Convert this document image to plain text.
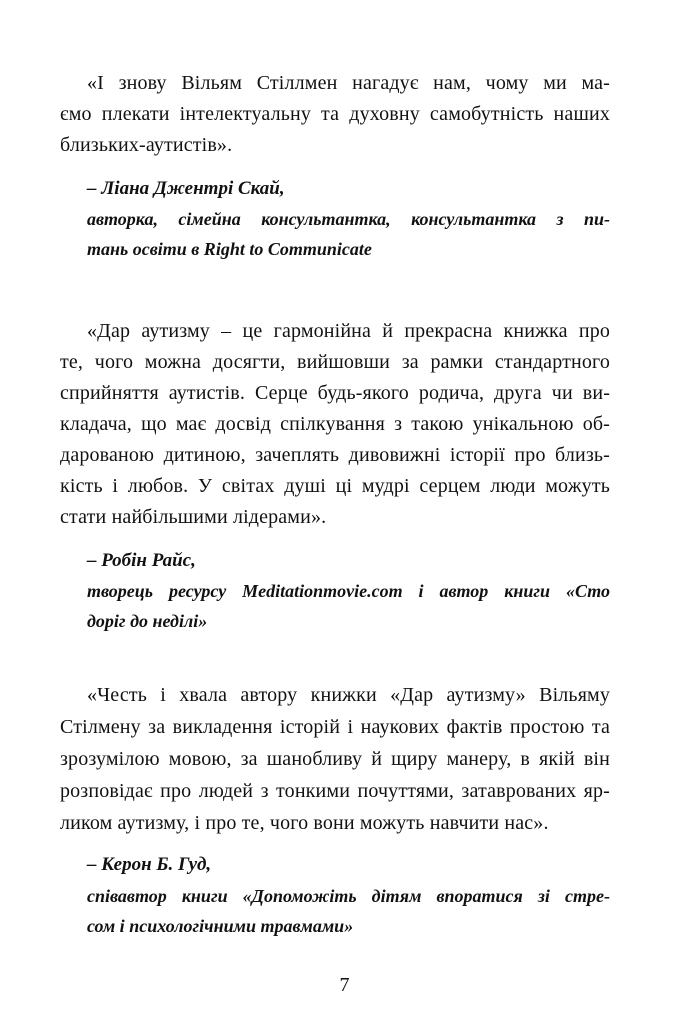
«І знову Вільям Стіллмен нагадує нам, чому ми ма-
ємо плекати інтелектуальну та духовну самобутність наших
близьких-аутистів».
– Ліана Джентрі Скай,
авторка, сімейна консультантка, консультантка з пи-
тань освіти в Right to Communicate
«Дар аутизму – це гармонійна й прекрасна книжка про
те, чого можна досягти, вийшовши за рамки стандартного
сприйняття аутистів. Серце будь-якого родича, друга чи ви-
кладача, що має досвід спілкування з такою унікальною об-
дарованою дитиною, зачеплять дивовижні історії про близь-
кість і любов. У світах душі ці мудрі серцем люди можуть
стати найбільшими лідерами».
– Робін Райс,
творець ресурсу Meditationmovie.com і автор книги «Сто
доріг до неділі»
«Честь і хвала автору книжки «Дар аутизму» Вільяму
Стілмену за викладення історій і наукових фактів простою та
зрозумілою мовою, за шанобливу й щиру манеру, в якій він
розповідає про людей з тонкими почуттями, затаврованих яр-
ликом аутизму, і про те, чого вони можуть навчити нас».
– Керон Б. Гуд,
співавтор книги «Допоможіть дітям впоратися зі стре-
сом і психологічними травмами»
7
